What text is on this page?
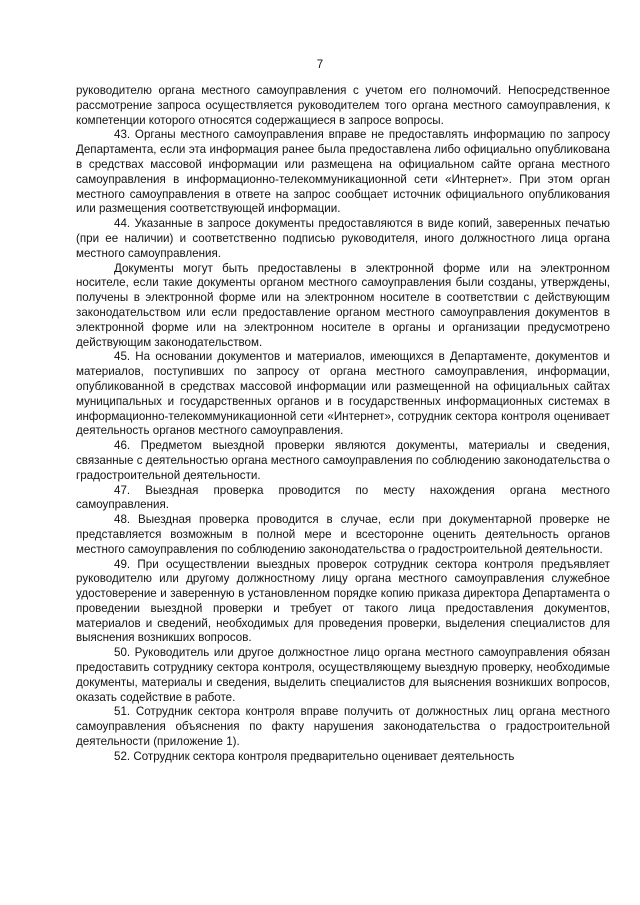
7

руководителю органа местного самоуправления с учетом его полномочий. Непосредственное рассмотрение запроса осуществляется руководителем того органа местного самоуправления, к компетенции которого относятся содержащиеся в запросе вопросы.

43. Органы местного самоуправления вправе не предоставлять информацию по запросу Департамента, если эта информация ранее была предоставлена либо официально опубликована в средствах массовой информации или размещена на официальном сайте органа местного самоуправления в информационно-телекоммуникационной сети «Интернет». При этом орган местного самоуправления в ответе на запрос сообщает источник официального опубликования или размещения соответствующей информации.

44. Указанные в запросе документы предоставляются в виде копий, заверенных печатью (при ее наличии) и соответственно подписью руководителя, иного должностного лица органа местного самоуправления.

Документы могут быть предоставлены в электронной форме или на электронном носителе, если такие документы органом местного самоуправления были созданы, утверждены, получены в электронной форме или на электронном носителе в соответствии с действующим законодательством или если предоставление органом местного самоуправления документов в электронной форме или на электронном носителе в органы и организации предусмотрено действующим законодательством.

45. На основании документов и материалов, имеющихся в Департаменте, документов и материалов, поступивших по запросу от органа местного самоуправления, информации, опубликованной в средствах массовой информации или размещенной на официальных сайтах муниципальных и государственных органов и в государственных информационных системах в информационно-телекоммуникационной сети «Интернет», сотрудник сектора контроля оценивает деятельность органов местного самоуправления.

46. Предметом выездной проверки являются документы, материалы и сведения, связанные с деятельностью органа местного самоуправления по соблюдению законодательства о градостроительной деятельности.

47. Выездная проверка проводится по месту нахождения органа местного самоуправления.

48. Выездная проверка проводится в случае, если при документарной проверке не представляется возможным в полной мере и всесторонне оценить деятельность органов местного самоуправления по соблюдению законодательства о градостроительной деятельности.

49. При осуществлении выездных проверок сотрудник сектора контроля предъявляет руководителю или другому должностному лицу органа местного самоуправления служебное удостоверение и заверенную в установленном порядке копию приказа директора Департамента о проведении выездной проверки и требует от такого лица предоставления документов, материалов и сведений, необходимых для проведения проверки, выделения специалистов для выяснения возникших вопросов.

50. Руководитель или другое должностное лицо органа местного самоуправления обязан предоставить сотруднику сектора контроля, осуществляющему выездную проверку, необходимые документы, материалы и сведения, выделить специалистов для выяснения возникших вопросов, оказать содействие в работе.

51. Сотрудник сектора контроля вправе получить от должностных лиц органа местного самоуправления объяснения по факту нарушения законодательства о градостроительной деятельности (приложение 1).

52. Сотрудник сектора контроля предварительно оценивает деятельность
